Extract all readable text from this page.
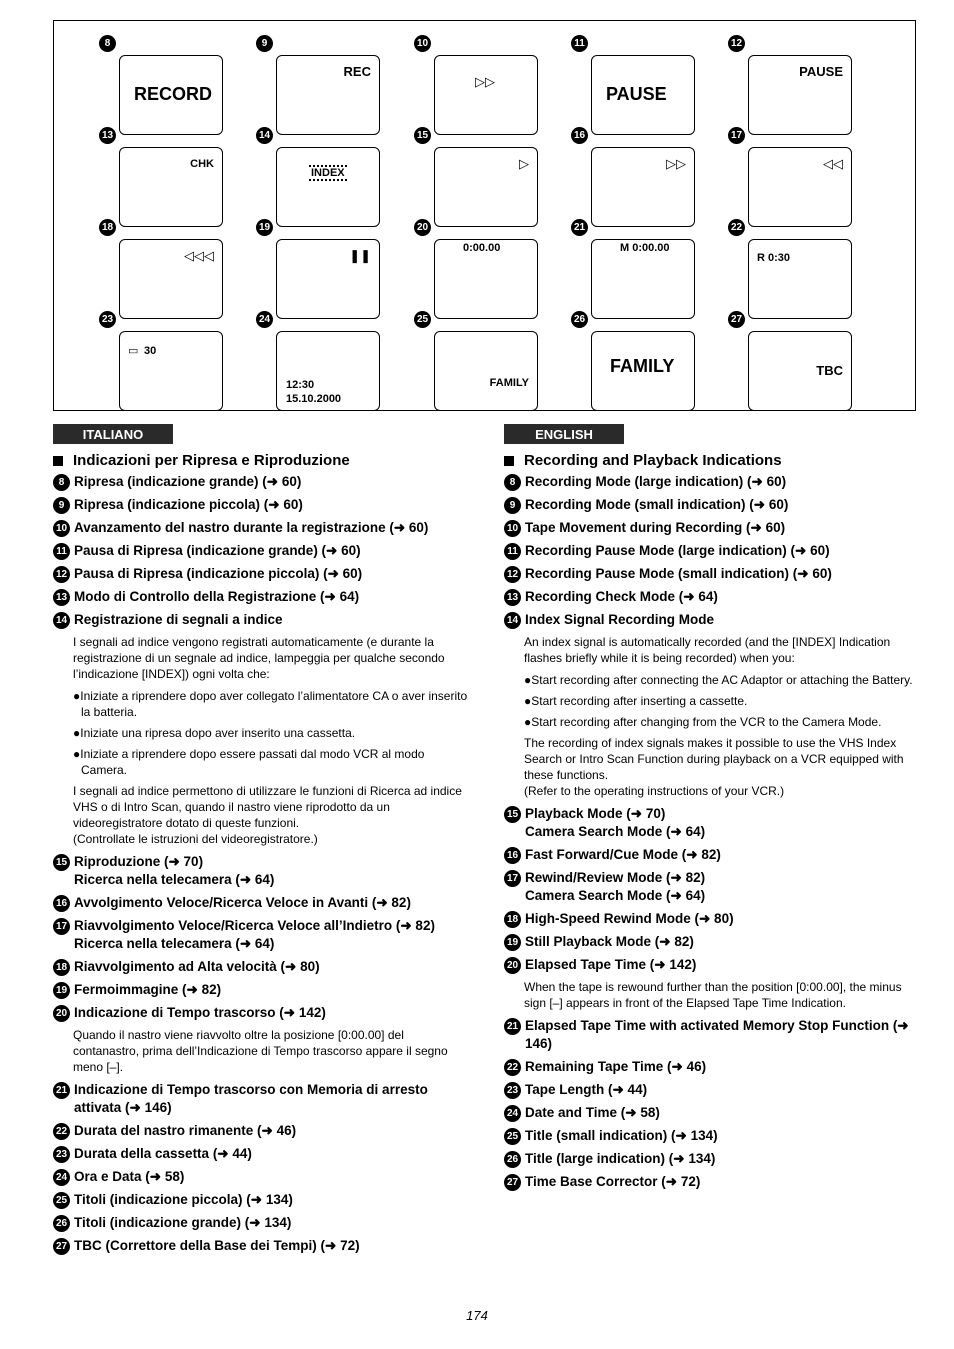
8
RECORD
9
REC
10
▷▷
11
PAUSE
12
PAUSE
13
CHK
14
INDEX
15
▷
16
▷▷
17
◁◁
18
◁◁◁
19
❚❚
20
0:00.00
21
M 0:00.00
22
R 0:30
23
▭ 30
24
12:30
15.10.2000
25
FAMILY
26
FAMILY
27
TBC
ITALIANO	ENGLISH
Indicazioni per Ripresa e Riproduzione
8 Ripresa (indicazione grande) (➜ 60)
9 Ripresa (indicazione piccola) (➜ 60)
10 Avanzamento del nastro durante la registrazione (➜ 60)
11 Pausa di Ripresa (indicazione grande) (➜ 60)
12 Pausa di Ripresa (indicazione piccola) (➜ 60)
13 Modo di Controllo della Registrazione (➜ 64)
14 Registrazione di segnali a indice
I segnali ad indice vengono registrati automaticamente (e durante la registrazione di un segnale ad indice, lampeggia per qualche secondo l’indicazione [INDEX]) ogni volta che:
●Iniziate a riprendere dopo aver collegato l’alimentatore CA o aver inserito la batteria.
●Iniziate una ripresa dopo aver inserito una cassetta.
●Iniziate a riprendere dopo essere passati dal modo VCR al modo Camera.
I segnali ad indice permettono di utilizzare le funzioni di Ricerca ad indice VHS o di Intro Scan, quando il nastro viene riprodotto da un videoregistratore dotato di queste funzioni.
(Controllate le istruzioni del videoregistratore.)
15 Riproduzione (➜ 70)
Ricerca nella telecamera (➜ 64)
16 Avvolgimento Veloce/Ricerca Veloce in Avanti (➜ 82)
17 Riavvolgimento Veloce/Ricerca Veloce all’Indietro (➜ 82)
Ricerca nella telecamera (➜ 64)
18 Riavvolgimento ad Alta velocità (➜ 80)
19 Fermoimmagine (➜ 82)
20 Indicazione di Tempo trascorso (➜ 142)
Quando il nastro viene riavvolto oltre la posizione [0:00.00] del contanastro, prima dell’Indicazione di Tempo trascorso appare il segno meno [–].
21 Indicazione di Tempo trascorso con Memoria di arresto attivata (➜ 146)
22 Durata del nastro rimanente (➜ 46)
23 Durata della cassetta (➜ 44)
24 Ora e Data (➜ 58)
25 Titoli (indicazione piccola) (➜ 134)
26 Titoli (indicazione grande) (➜ 134)
27 TBC (Correttore della Base dei Tempi) (➜ 72)
Recording and Playback Indications
8 Recording Mode (large indication) (➜ 60)
9 Recording Mode (small indication) (➜ 60)
10 Tape Movement during Recording (➜ 60)
11 Recording Pause Mode (large indication) (➜ 60)
12 Recording Pause Mode (small indication) (➜ 60)
13 Recording Check Mode (➜ 64)
14 Index Signal Recording Mode
An index signal is automatically recorded (and the [INDEX] Indication flashes briefly while it is being recorded) when you:
●Start recording after connecting the AC Adaptor or attaching the Battery.
●Start recording after inserting a cassette.
●Start recording after changing from the VCR to the Camera Mode.
The recording of index signals makes it possible to use the VHS Index Search or Intro Scan Function during playback on a VCR equipped with these functions.
(Refer to the operating instructions of your VCR.)
15 Playback Mode (➜ 70)
Camera Search Mode (➜ 64)
16 Fast Forward/Cue Mode (➜ 82)
17 Rewind/Review Mode (➜ 82)
Camera Search Mode (➜ 64)
18 High-Speed Rewind Mode (➜ 80)
19 Still Playback Mode (➜ 82)
20 Elapsed Tape Time (➜ 142)
When the tape is rewound further than the position [0:00.00], the minus sign [–] appears in front of the Elapsed Tape Time Indication.
21 Elapsed Tape Time with activated Memory Stop Function (➜ 146)
22 Remaining Tape Time (➜ 46)
23 Tape Length (➜ 44)
24 Date and Time (➜ 58)
25 Title (small indication) (➜ 134)
26 Title (large indication) (➜ 134)
27 Time Base Corrector (➜ 72)
174
